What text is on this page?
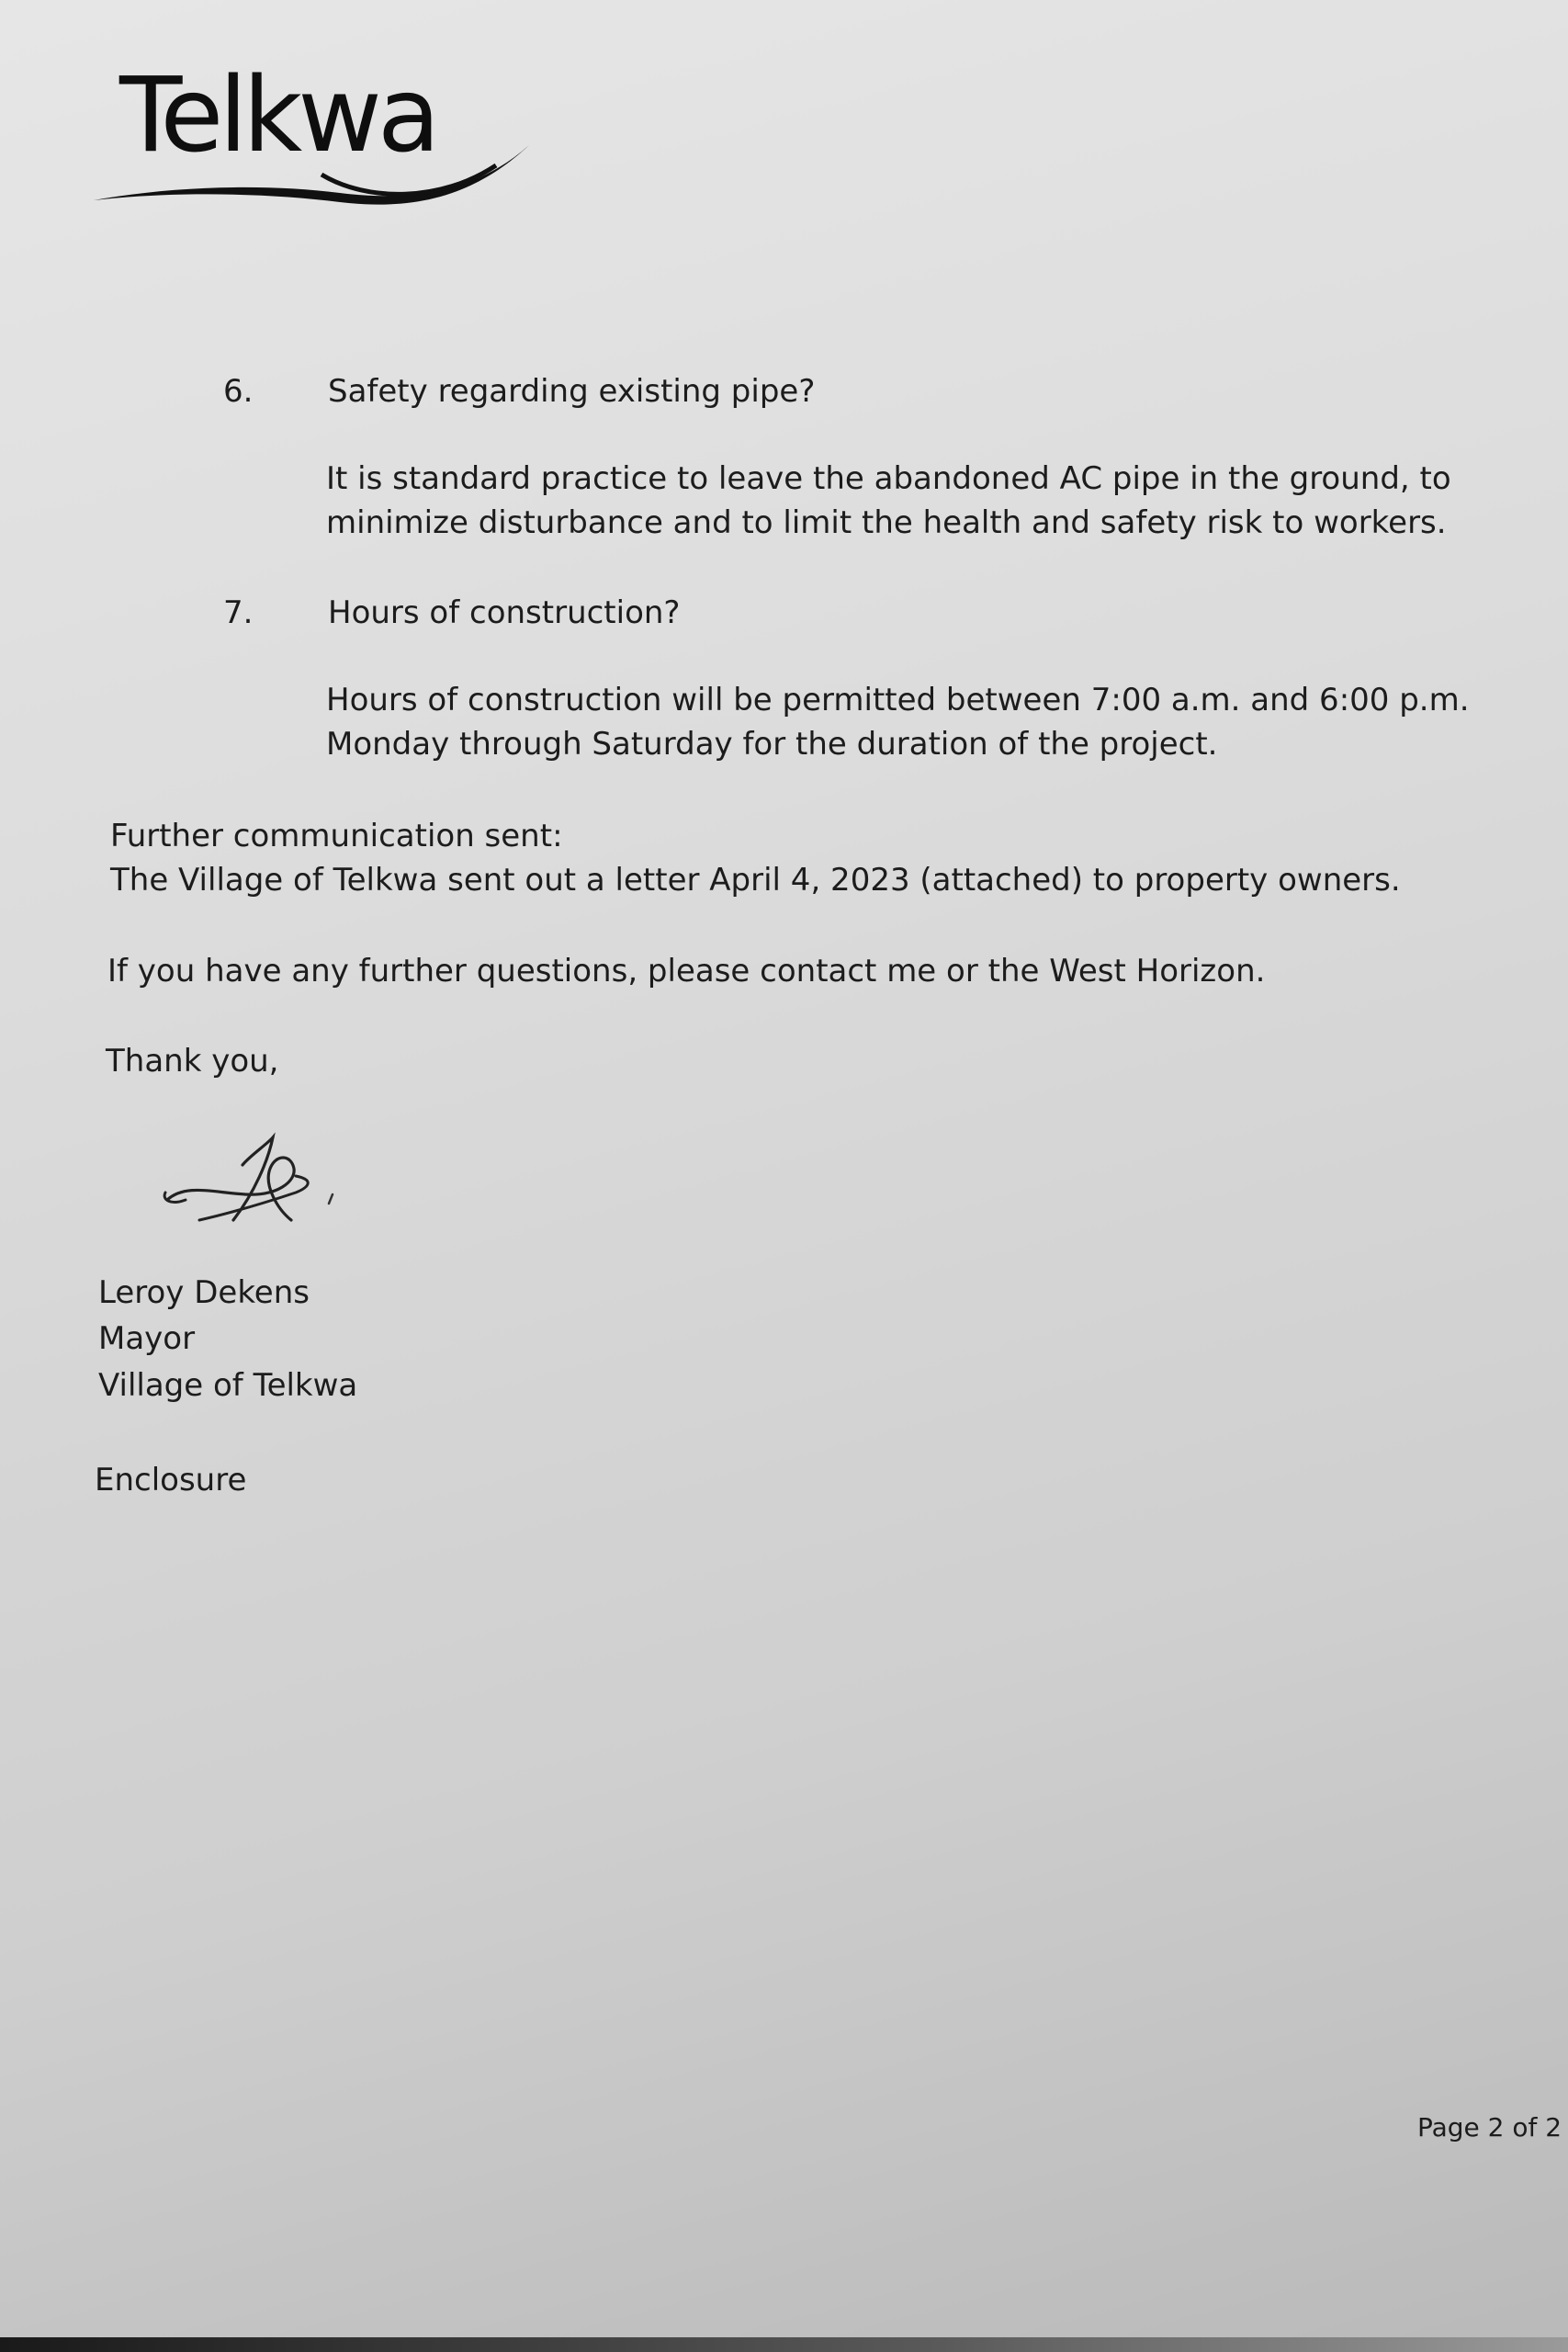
Telkwa
6. Safety regarding existing pipe?
It is standard practice to leave the abandoned AC pipe in the ground, to
minimize disturbance and to limit the health and safety risk to workers.
7. Hours of construction?
Hours of construction will be permitted between 7:00 a.m. and 6:00 p.m.
Monday through Saturday for the duration of the project.
Further communication sent:
The Village of Telkwa sent out a letter April 4, 2023 (attached) to property owners.
If you have any further questions, please contact me or the West Horizon.
Thank you,
Leroy Dekens
Mayor
Village of Telkwa
Enclosure
Page 2 of 2
